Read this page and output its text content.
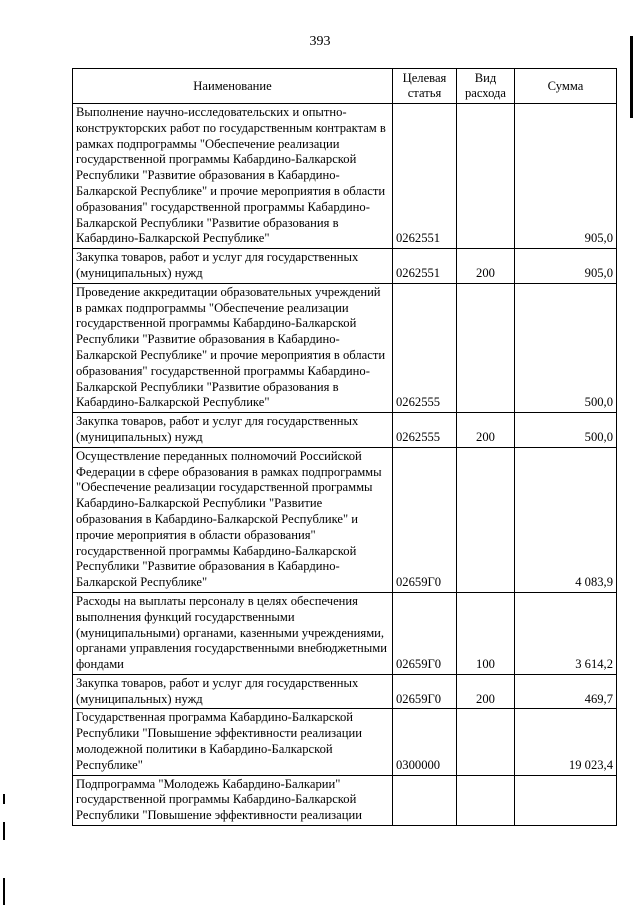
393
Наименование	Целевая статья	Вид расхода	Сумма
Выполнение научно-исследовательских и опытно-конструкторских работ по государственным контрактам в рамках подпрограммы "Обеспечение реализации государственной программы Кабардино-Балкарской Республики "Развитие образования в Кабардино-Балкарской Республике" и прочие мероприятия в области образования" государственной программы Кабардино-Балкарской Республики "Развитие образования в Кабардино-Балкарской Республике"	0262551		905,0
Закупка товаров, работ и услуг для государственных (муниципальных) нужд	0262551	200	905,0
Проведение аккредитации образовательных учреждений в рамках подпрограммы "Обеспечение реализации государственной программы Кабардино-Балкарской Республики "Развитие образования в Кабардино-Балкарской Республике" и прочие мероприятия в области образования" государственной программы Кабардино-Балкарской Республики "Развитие образования в Кабардино-Балкарской Республике"	0262555		500,0
Закупка товаров, работ и услуг для государственных (муниципальных) нужд	0262555	200	500,0
Осуществление переданных полномочий Российской Федерации в сфере образования в рамках подпрограммы "Обеспечение реализации государственной программы Кабардино-Балкарской Республики "Развитие образования в Кабардино-Балкарской Республике" и прочие мероприятия в области образования" государственной программы Кабардино-Балкарской Республики "Развитие образования в Кабардино-Балкарской Республике"	02659Г0		4 083,9
Расходы на выплаты персоналу в целях обеспечения выполнения функций государственными (муниципальными) органами, казенными учреждениями, органами управления государственными внебюджетными фондами	02659Г0	100	3 614,2
Закупка товаров, работ и услуг для государственных (муниципальных) нужд	02659Г0	200	469,7
Государственная программа Кабардино-Балкарской Республики "Повышение эффективности реализации молодежной политики в Кабардино-Балкарской Республике"	0300000		19 023,4
Подпрограмма "Молодежь Кабардино-Балкарии" государственной программы Кабардино-Балкарской Республики "Повышение эффективности реализации			
